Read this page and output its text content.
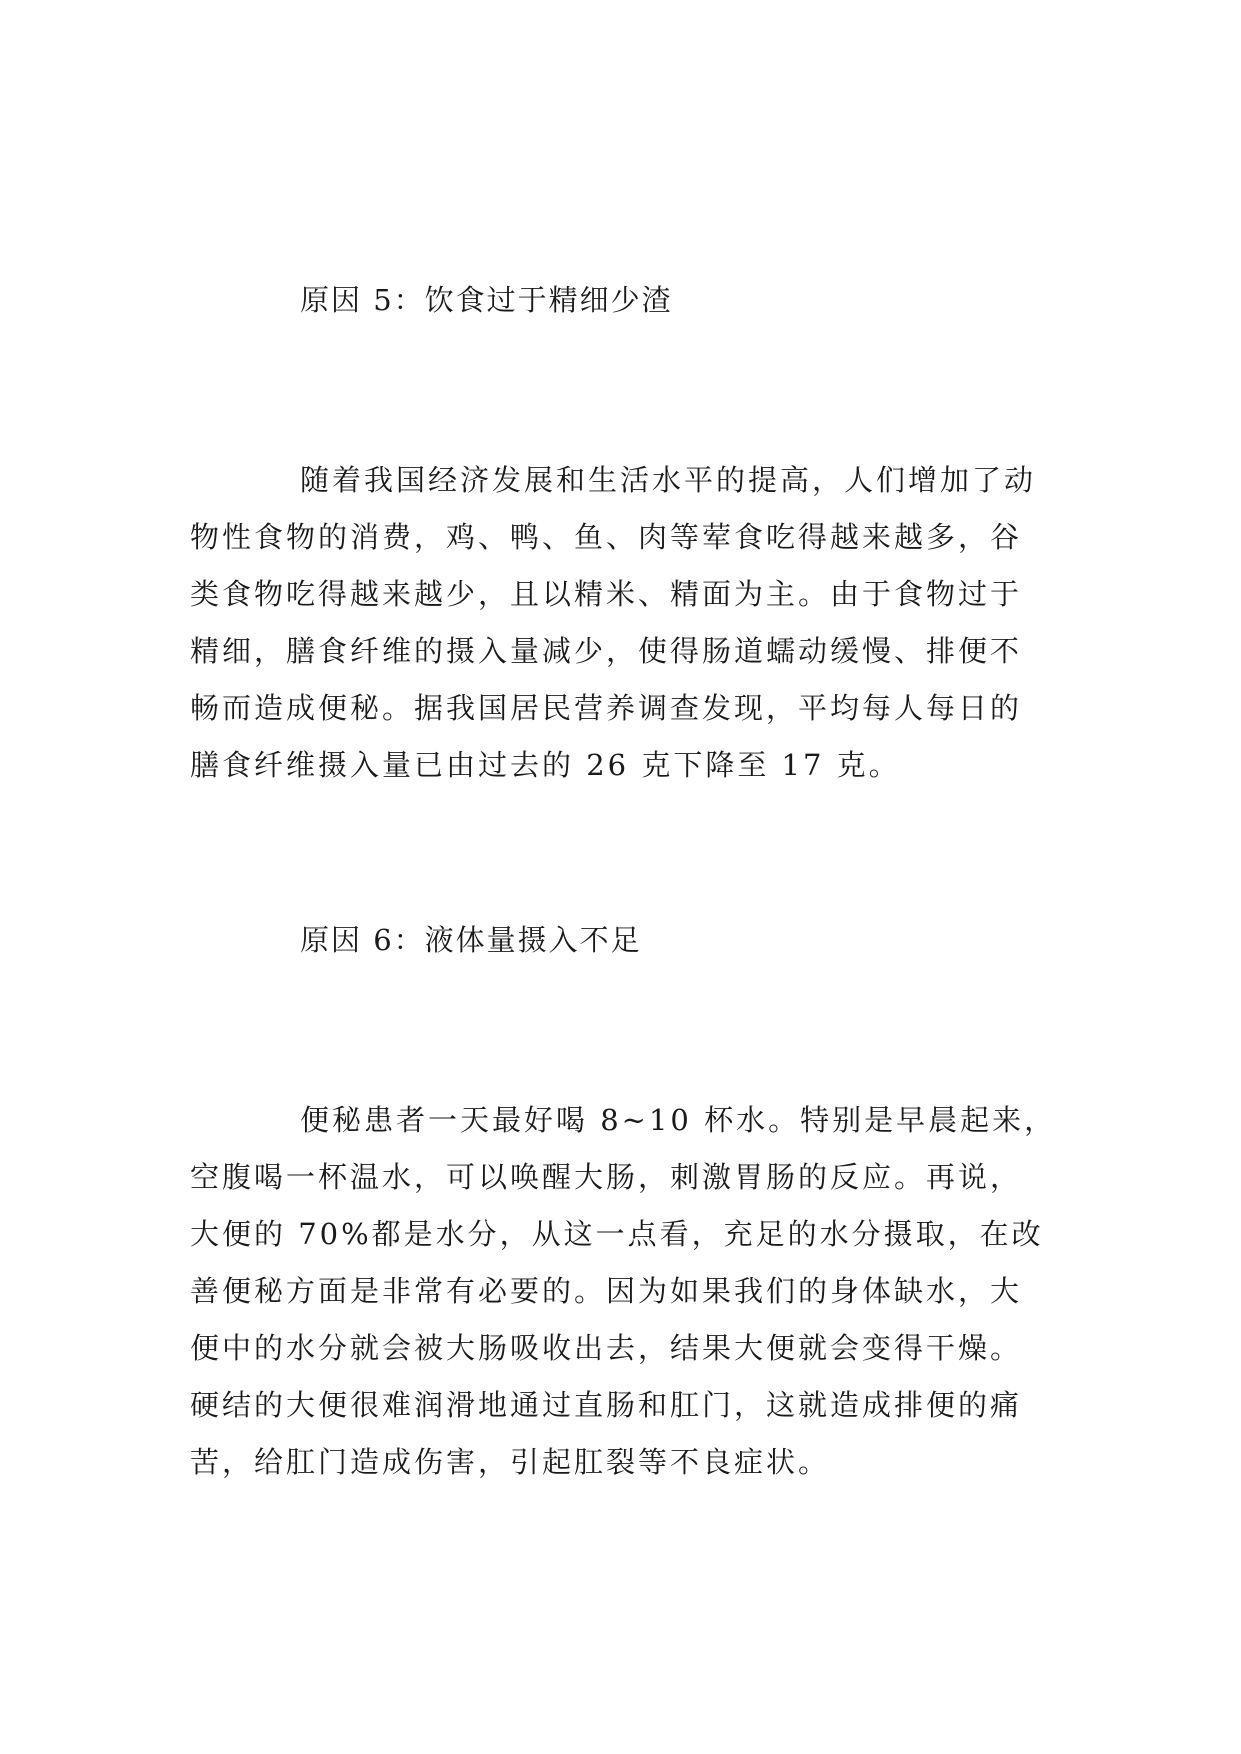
原因 5：饮食过于精细少渣
随着我国经济发展和生活水平的提高，人们增加了动
物性食物的消费，鸡、鸭、鱼、肉等荤食吃得越来越多，谷
类食物吃得越来越少，且以精米、精面为主。由于食物过于
精细，膳食纤维的摄入量减少，使得肠道蠕动缓慢、排便不
畅而造成便秘。据我国居民营养调查发现，平均每人每日的
膳食纤维摄入量已由过去的 26 克下降至 17 克。
原因 6：液体量摄入不足
便秘患者一天最好喝 8~10 杯水。特别是早晨起来，
空腹喝一杯温水，可以唤醒大肠，刺激胃肠的反应。再说，
大便的 70%都是水分，从这一点看，充足的水分摄取，在改
善便秘方面是非常有必要的。因为如果我们的身体缺水，大
便中的水分就会被大肠吸收出去，结果大便就会变得干燥。
硬结的大便很难润滑地通过直肠和肛门，这就造成排便的痛
苦，给肛门造成伤害，引起肛裂等不良症状。
